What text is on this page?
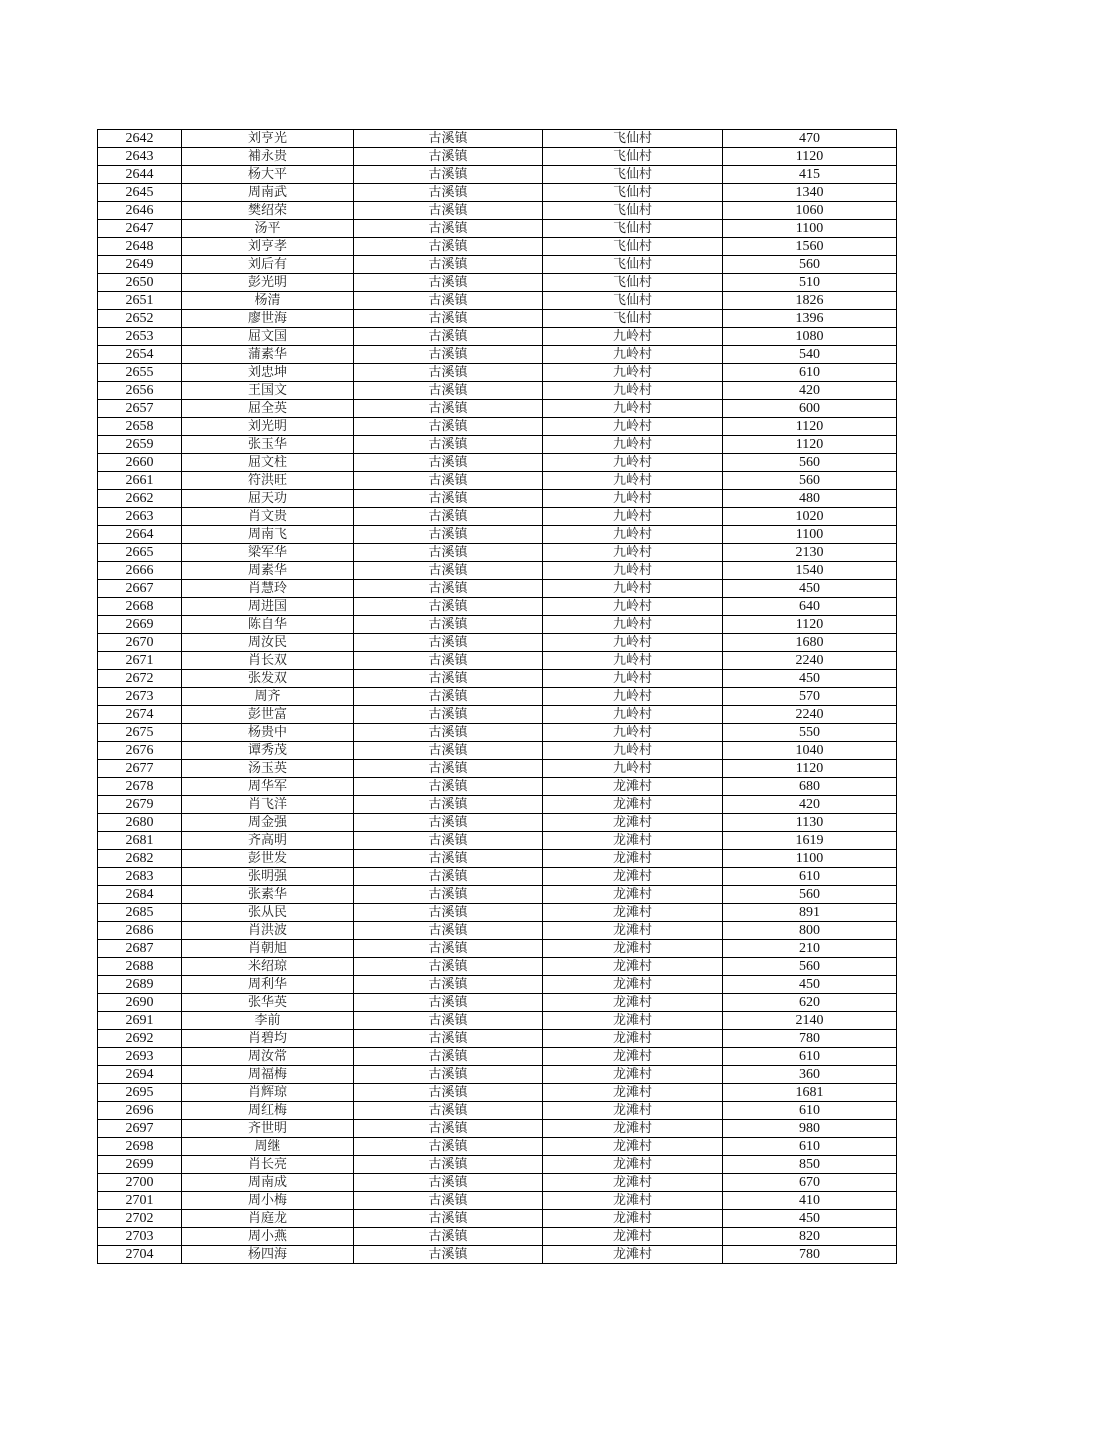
2642	刘亨光	古溪镇	飞仙村	470
2643	補永贵	古溪镇	飞仙村	1120
2644	杨大平	古溪镇	飞仙村	415
2645	周南武	古溪镇	飞仙村	1340
2646	樊绍荣	古溪镇	飞仙村	1060
2647	汤平	古溪镇	飞仙村	1100
2648	刘亨孝	古溪镇	飞仙村	1560
2649	刘后有	古溪镇	飞仙村	560
2650	彭光明	古溪镇	飞仙村	510
2651	杨清	古溪镇	飞仙村	1826
2652	廖世海	古溪镇	飞仙村	1396
2653	屈文国	古溪镇	九岭村	1080
2654	蒲素华	古溪镇	九岭村	540
2655	刘忠坤	古溪镇	九岭村	610
2656	王国文	古溪镇	九岭村	420
2657	屈全英	古溪镇	九岭村	600
2658	刘光明	古溪镇	九岭村	1120
2659	张玉华	古溪镇	九岭村	1120
2660	屈文柱	古溪镇	九岭村	560
2661	符洪旺	古溪镇	九岭村	560
2662	屈天功	古溪镇	九岭村	480
2663	肖文贵	古溪镇	九岭村	1020
2664	周南飞	古溪镇	九岭村	1100
2665	梁军华	古溪镇	九岭村	2130
2666	周素华	古溪镇	九岭村	1540
2667	肖慧玲	古溪镇	九岭村	450
2668	周进国	古溪镇	九岭村	640
2669	陈自华	古溪镇	九岭村	1120
2670	周汝民	古溪镇	九岭村	1680
2671	肖长双	古溪镇	九岭村	2240
2672	张发双	古溪镇	九岭村	450
2673	周齐	古溪镇	九岭村	570
2674	彭世富	古溪镇	九岭村	2240
2675	杨贵中	古溪镇	九岭村	550
2676	谭秀茂	古溪镇	九岭村	1040
2677	汤玉英	古溪镇	九岭村	1120
2678	周华军	古溪镇	龙滩村	680
2679	肖飞洋	古溪镇	龙滩村	420
2680	周金强	古溪镇	龙滩村	1130
2681	齐高明	古溪镇	龙滩村	1619
2682	彭世发	古溪镇	龙滩村	1100
2683	张明强	古溪镇	龙滩村	610
2684	张素华	古溪镇	龙滩村	560
2685	张从民	古溪镇	龙滩村	891
2686	肖洪波	古溪镇	龙滩村	800
2687	肖朝旭	古溪镇	龙滩村	210
2688	米绍琼	古溪镇	龙滩村	560
2689	周利华	古溪镇	龙滩村	450
2690	张华英	古溪镇	龙滩村	620
2691	李前	古溪镇	龙滩村	2140
2692	肖碧均	古溪镇	龙滩村	780
2693	周汝常	古溪镇	龙滩村	610
2694	周福梅	古溪镇	龙滩村	360
2695	肖辉琼	古溪镇	龙滩村	1681
2696	周红梅	古溪镇	龙滩村	610
2697	齐世明	古溪镇	龙滩村	980
2698	周继	古溪镇	龙滩村	610
2699	肖长亮	古溪镇	龙滩村	850
2700	周南成	古溪镇	龙滩村	670
2701	周小梅	古溪镇	龙滩村	410
2702	肖庭龙	古溪镇	龙滩村	450
2703	周小燕	古溪镇	龙滩村	820
2704	杨四海	古溪镇	龙滩村	780
